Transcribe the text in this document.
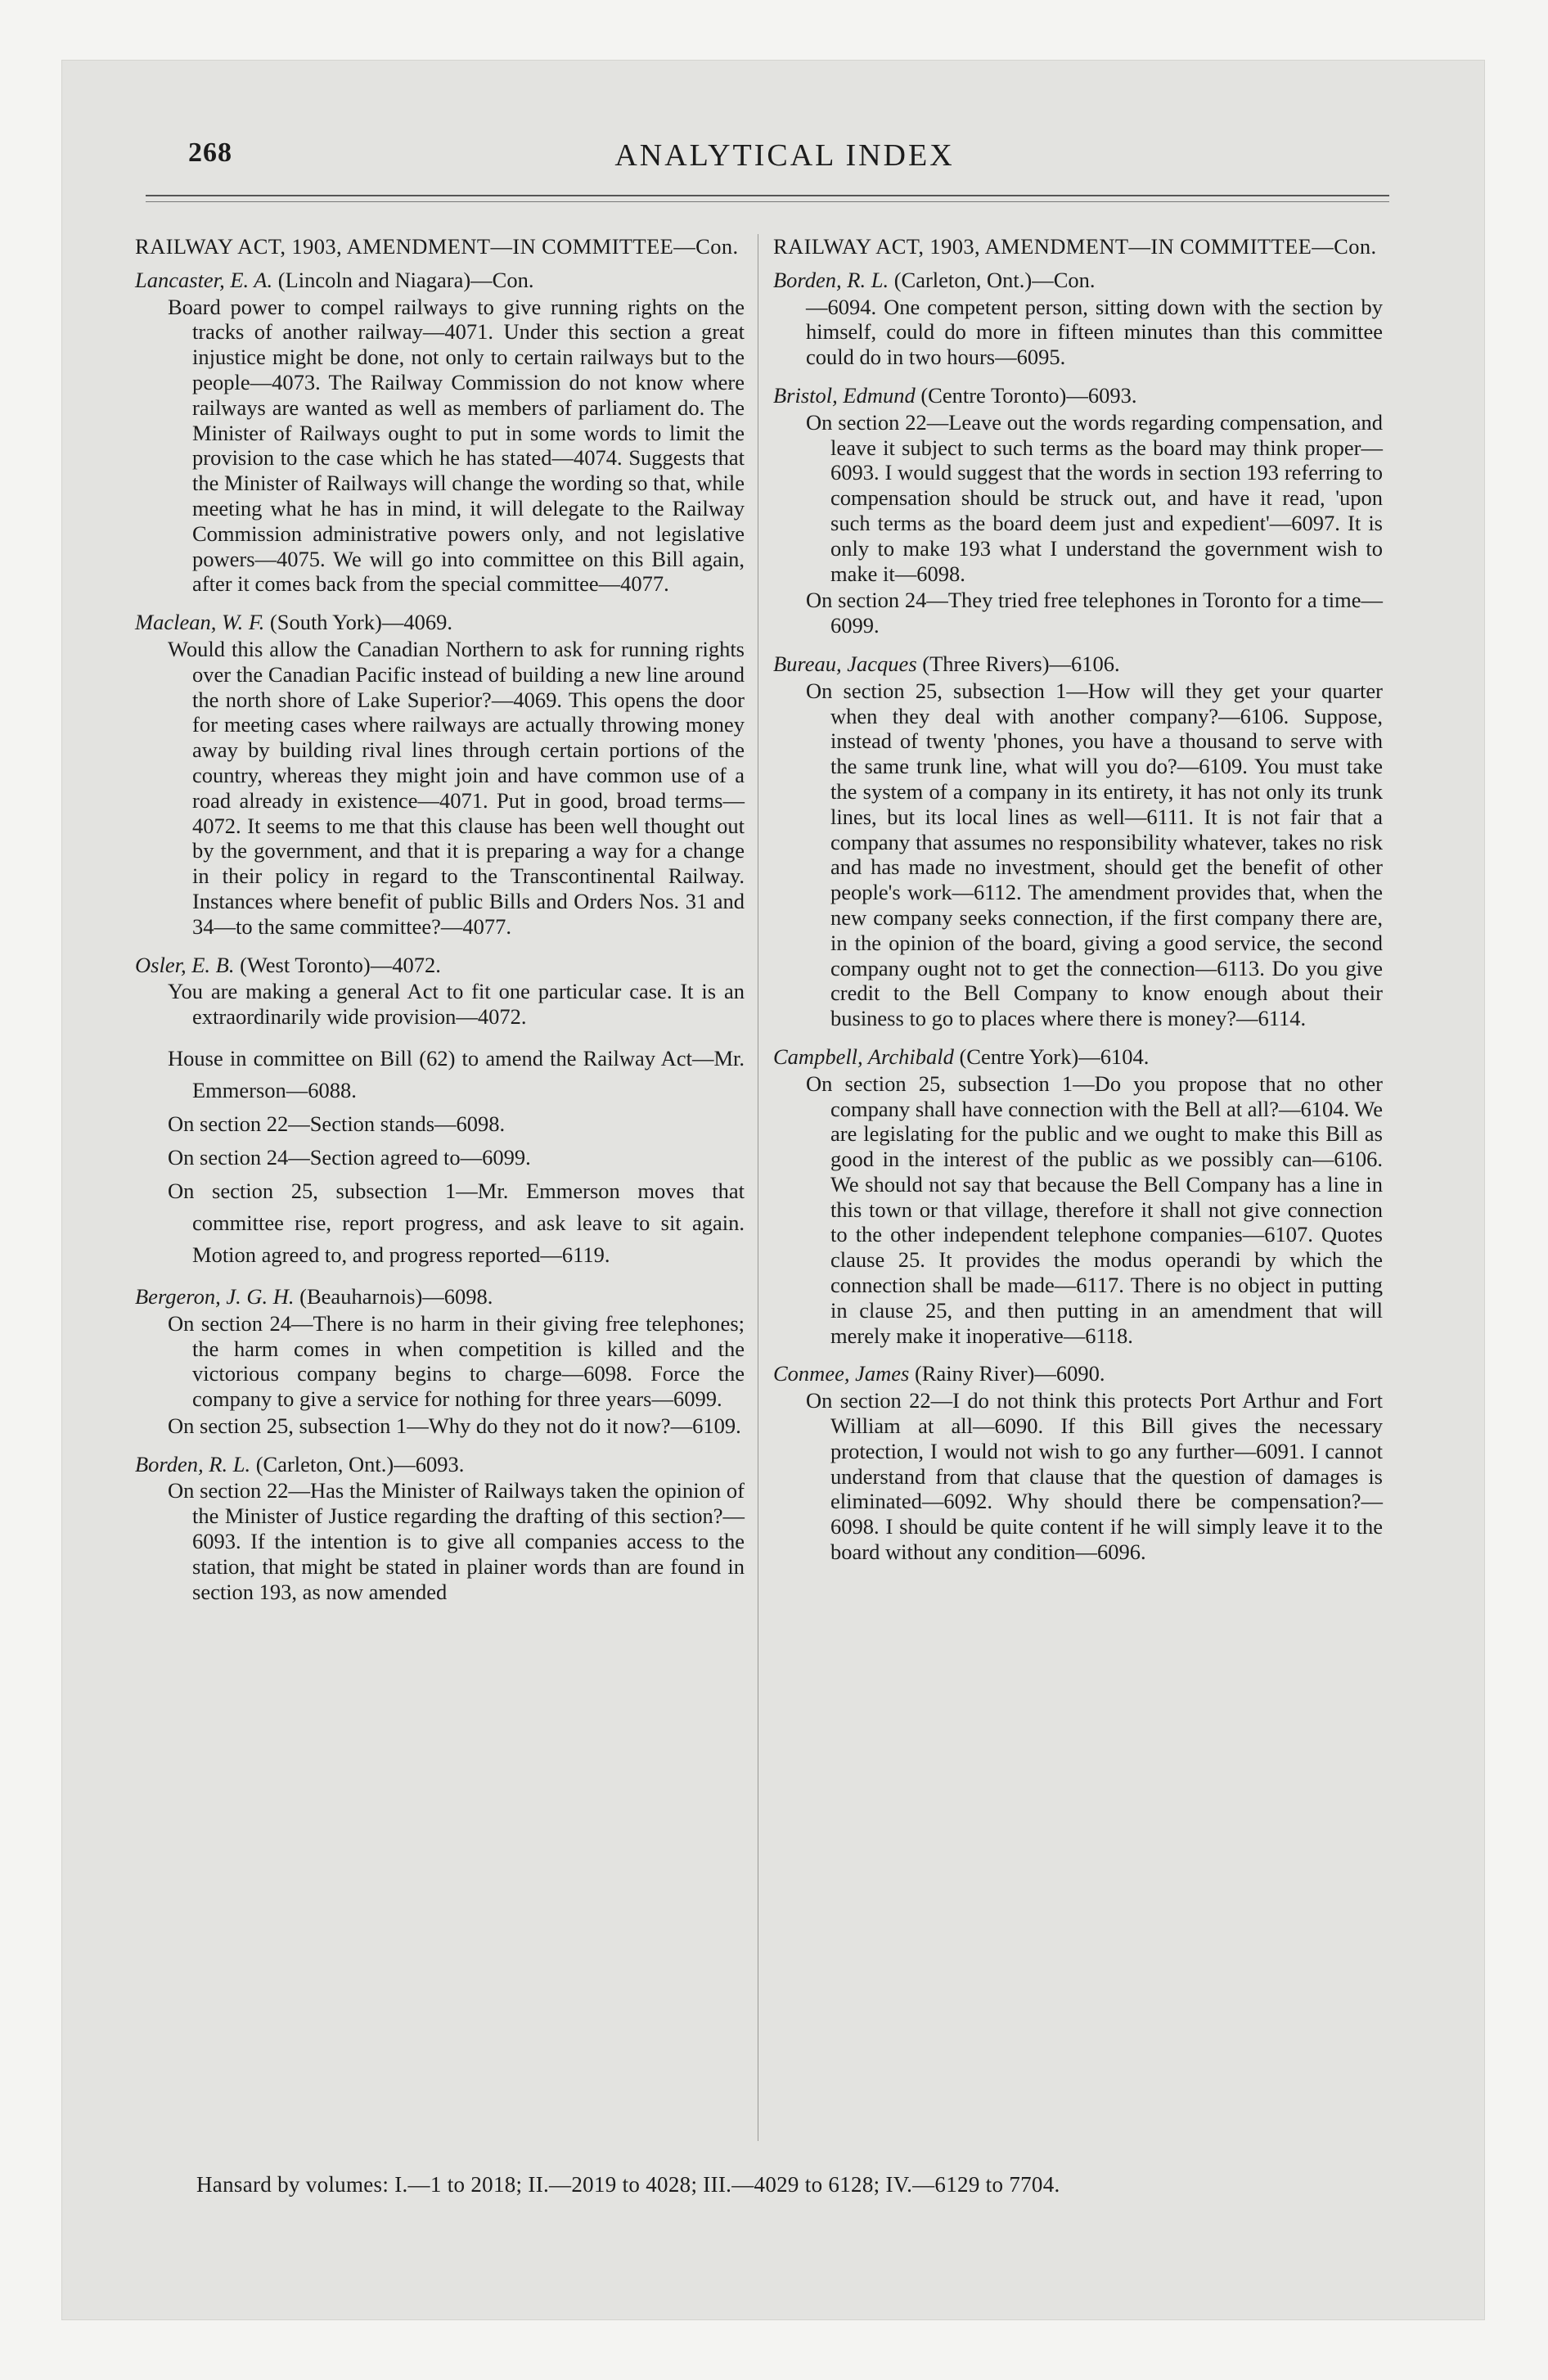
268	ANALYTICAL INDEX
RAILWAY ACT, 1903, AMENDMENT—IN COMMITTEE—Con.
Lancaster, E. A. (Lincoln and Niagara)—Con.

Board power to compel railways to give running rights on the tracks of another railway—4071. Under this section a great injustice might be done, not only to certain railways but to the people—4073. The Railway Commission do not know where railways are wanted as well as members of parliament do. The Minister of Railways ought to put in some words to limit the provision to the case which he has stated—4074. Suggests that the Minister of Railways will change the wording so that, while meeting what he has in mind, it will delegate to the Railway Commission administrative powers only, and not legislative powers—4075. We will go into committee on this Bill again, after it comes back from the special committee—4077.

Maclean, W. F. (South York)—4069.

Would this allow the Canadian Northern to ask for running rights over the Canadian Pacific instead of building a new line around the north shore of Lake Superior?—4069. This opens the door for meeting cases where railways are actually throwing money away by building rival lines through certain portions of the country, whereas they might join and have common use of a road already in existence—4071. Put in good, broad terms—4072. It seems to me that this clause has been well thought out by the government, and that it is preparing a way for a change in their policy in regard to the Transcontinental Railway. Instances where benefit of public Bills and Orders Nos. 31 and 34—to the same committee?—4077.

Osler, E. B. (West Toronto)—4072.

You are making a general Act to fit one particular case. It is an extraordinarily wide provision—4072.

House in committee on Bill (62) to amend the Railway Act—Mr. Emmerson—6088.

On section 22—Section stands—6098.

On section 24—Section agreed to—6099.

On section 25, subsection 1—Mr. Emmerson moves that committee rise, report progress, and ask leave to sit again. Motion agreed to, and progress reported—6119.

Bergeron, J. G. H. (Beauharnois)—6098.

On section 24—There is no harm in their giving free telephones; the harm comes in when competition is killed and the victorious company begins to charge—6098. Force the company to give a service for nothing for three years—6099.

On section 25, subsection 1—Why do they not do it now?—6109.

Borden, R. L. (Carleton, Ont.)—6093.

On section 22—Has the Minister of Railways taken the opinion of the Minister of Justice regarding the drafting of this section?—6093. If the intention is to give all companies access to the station, that might be stated in plainer words than are found in section 193, as now amended

RAILWAY ACT, 1903, AMENDMENT—IN COMMITTEE—Con.
Borden, R. L. (Carleton, Ont.)—Con.

—6094. One competent person, sitting down with the section by himself, could do more in fifteen minutes than this committee could do in two hours—6095.

Bristol, Edmund (Centre Toronto)—6093.

On section 22—Leave out the words regarding compensation, and leave it subject to such terms as the board may think proper—6093. I would suggest that the words in section 193 referring to compensation should be struck out, and have it read, 'upon such terms as the board deem just and expedient'—6097. It is only to make 193 what I understand the government wish to make it—6098.

On section 24—They tried free telephones in Toronto for a time—6099.

Bureau, Jacques (Three Rivers)—6106.

On section 25, subsection 1—How will they get your quarter when they deal with another company?—6106. Suppose, instead of twenty 'phones, you have a thousand to serve with the same trunk line, what will you do?—6109. You must take the system of a company in its entirety, it has not only its trunk lines, but its local lines as well—6111. It is not fair that a company that assumes no responsibility whatever, takes no risk and has made no investment, should get the benefit of other people's work—6112. The amendment provides that, when the new company seeks connection, if the first company there are, in the opinion of the board, giving a good service, the second company ought not to get the connection—6113. Do you give credit to the Bell Company to know enough about their business to go to places where there is money?—6114.

Campbell, Archibald (Centre York)—6104.

On section 25, subsection 1—Do you propose that no other company shall have connection with the Bell at all?—6104. We are legislating for the public and we ought to make this Bill as good in the interest of the public as we possibly can—6106. We should not say that because the Bell Company has a line in this town or that village, therefore it shall not give connection to the other independent telephone companies—6107. Quotes clause 25. It provides the modus operandi by which the connection shall be made—6117. There is no object in putting in clause 25, and then putting in an amendment that will merely make it inoperative—6118.

Conmee, James (Rainy River)—6090.

On section 22—I do not think this protects Port Arthur and Fort William at all—6090. If this Bill gives the necessary protection, I would not wish to go any further—6091. I cannot understand from that clause that the question of damages is eliminated—6092. Why should there be compensation?—6098. I should be quite content if he will simply leave it to the board without any condition—6096.

Hansard by volumes: I.—1 to 2018; II.—2019 to 4028; III.—4029 to 6128; IV.—6129 to 7704.
